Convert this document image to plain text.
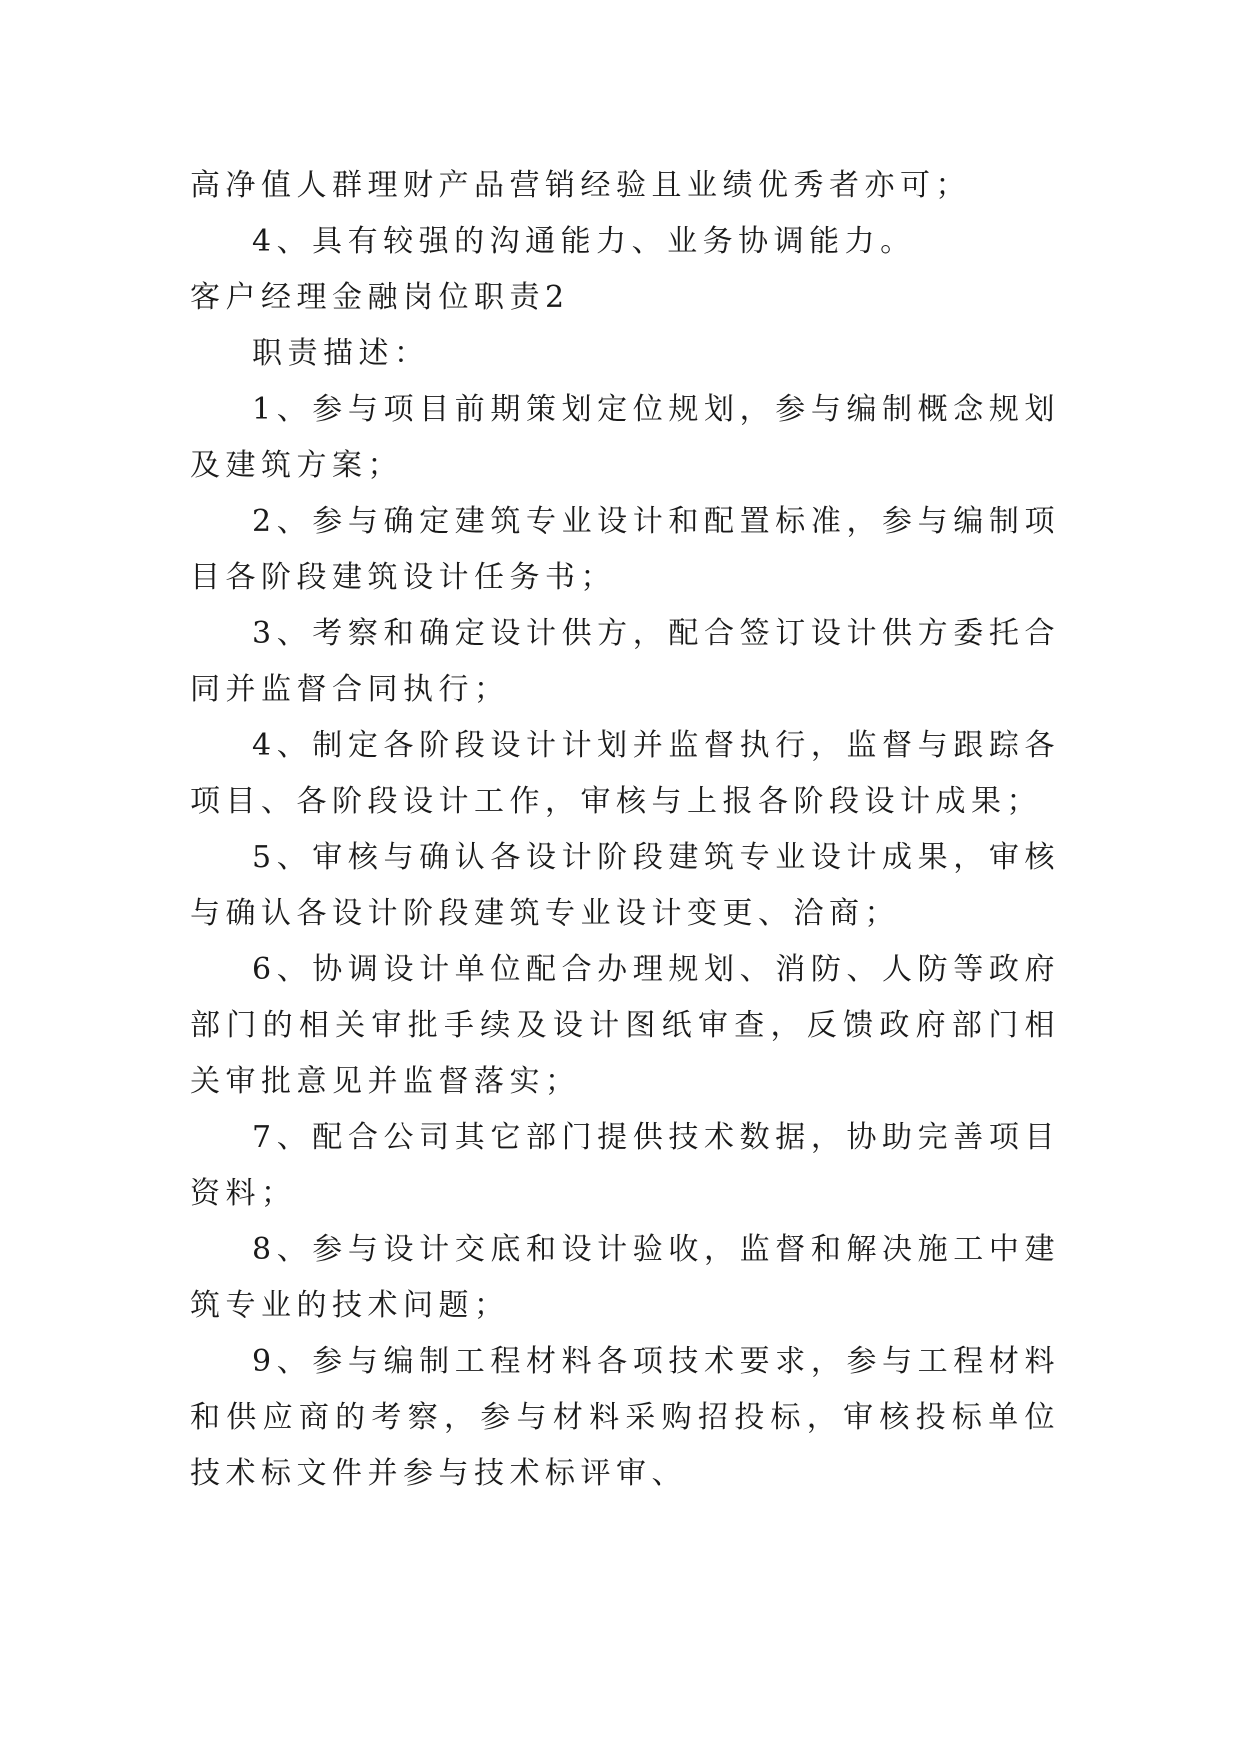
高净值人群理财产品营销经验且业绩优秀者亦可；

4、具有较强的沟通能力、业务协调能力。

客户经理金融岗位职责2

职责描述：

1、参与项目前期策划定位规划，参与编制概念规划及建筑方案；

2、参与确定建筑专业设计和配置标准，参与编制项目各阶段建筑设计任务书；

3、考察和确定设计供方，配合签订设计供方委托合同并监督合同执行；

4、制定各阶段设计计划并监督执行，监督与跟踪各项目、各阶段设计工作，审核与上报各阶段设计成果；

5、审核与确认各设计阶段建筑专业设计成果，审核与确认各设计阶段建筑专业设计变更、洽商；

6、协调设计单位配合办理规划、消防、人防等政府部门的相关审批手续及设计图纸审查，反馈政府部门相关审批意见并监督落实；

7、配合公司其它部门提供技术数据，协助完善项目资料；

8、参与设计交底和设计验收，监督和解决施工中建筑专业的技术问题；

9、参与编制工程材料各项技术要求，参与工程材料和供应商的考察，参与材料采购招投标，审核投标单位技术标文件并参与技术标评审、
